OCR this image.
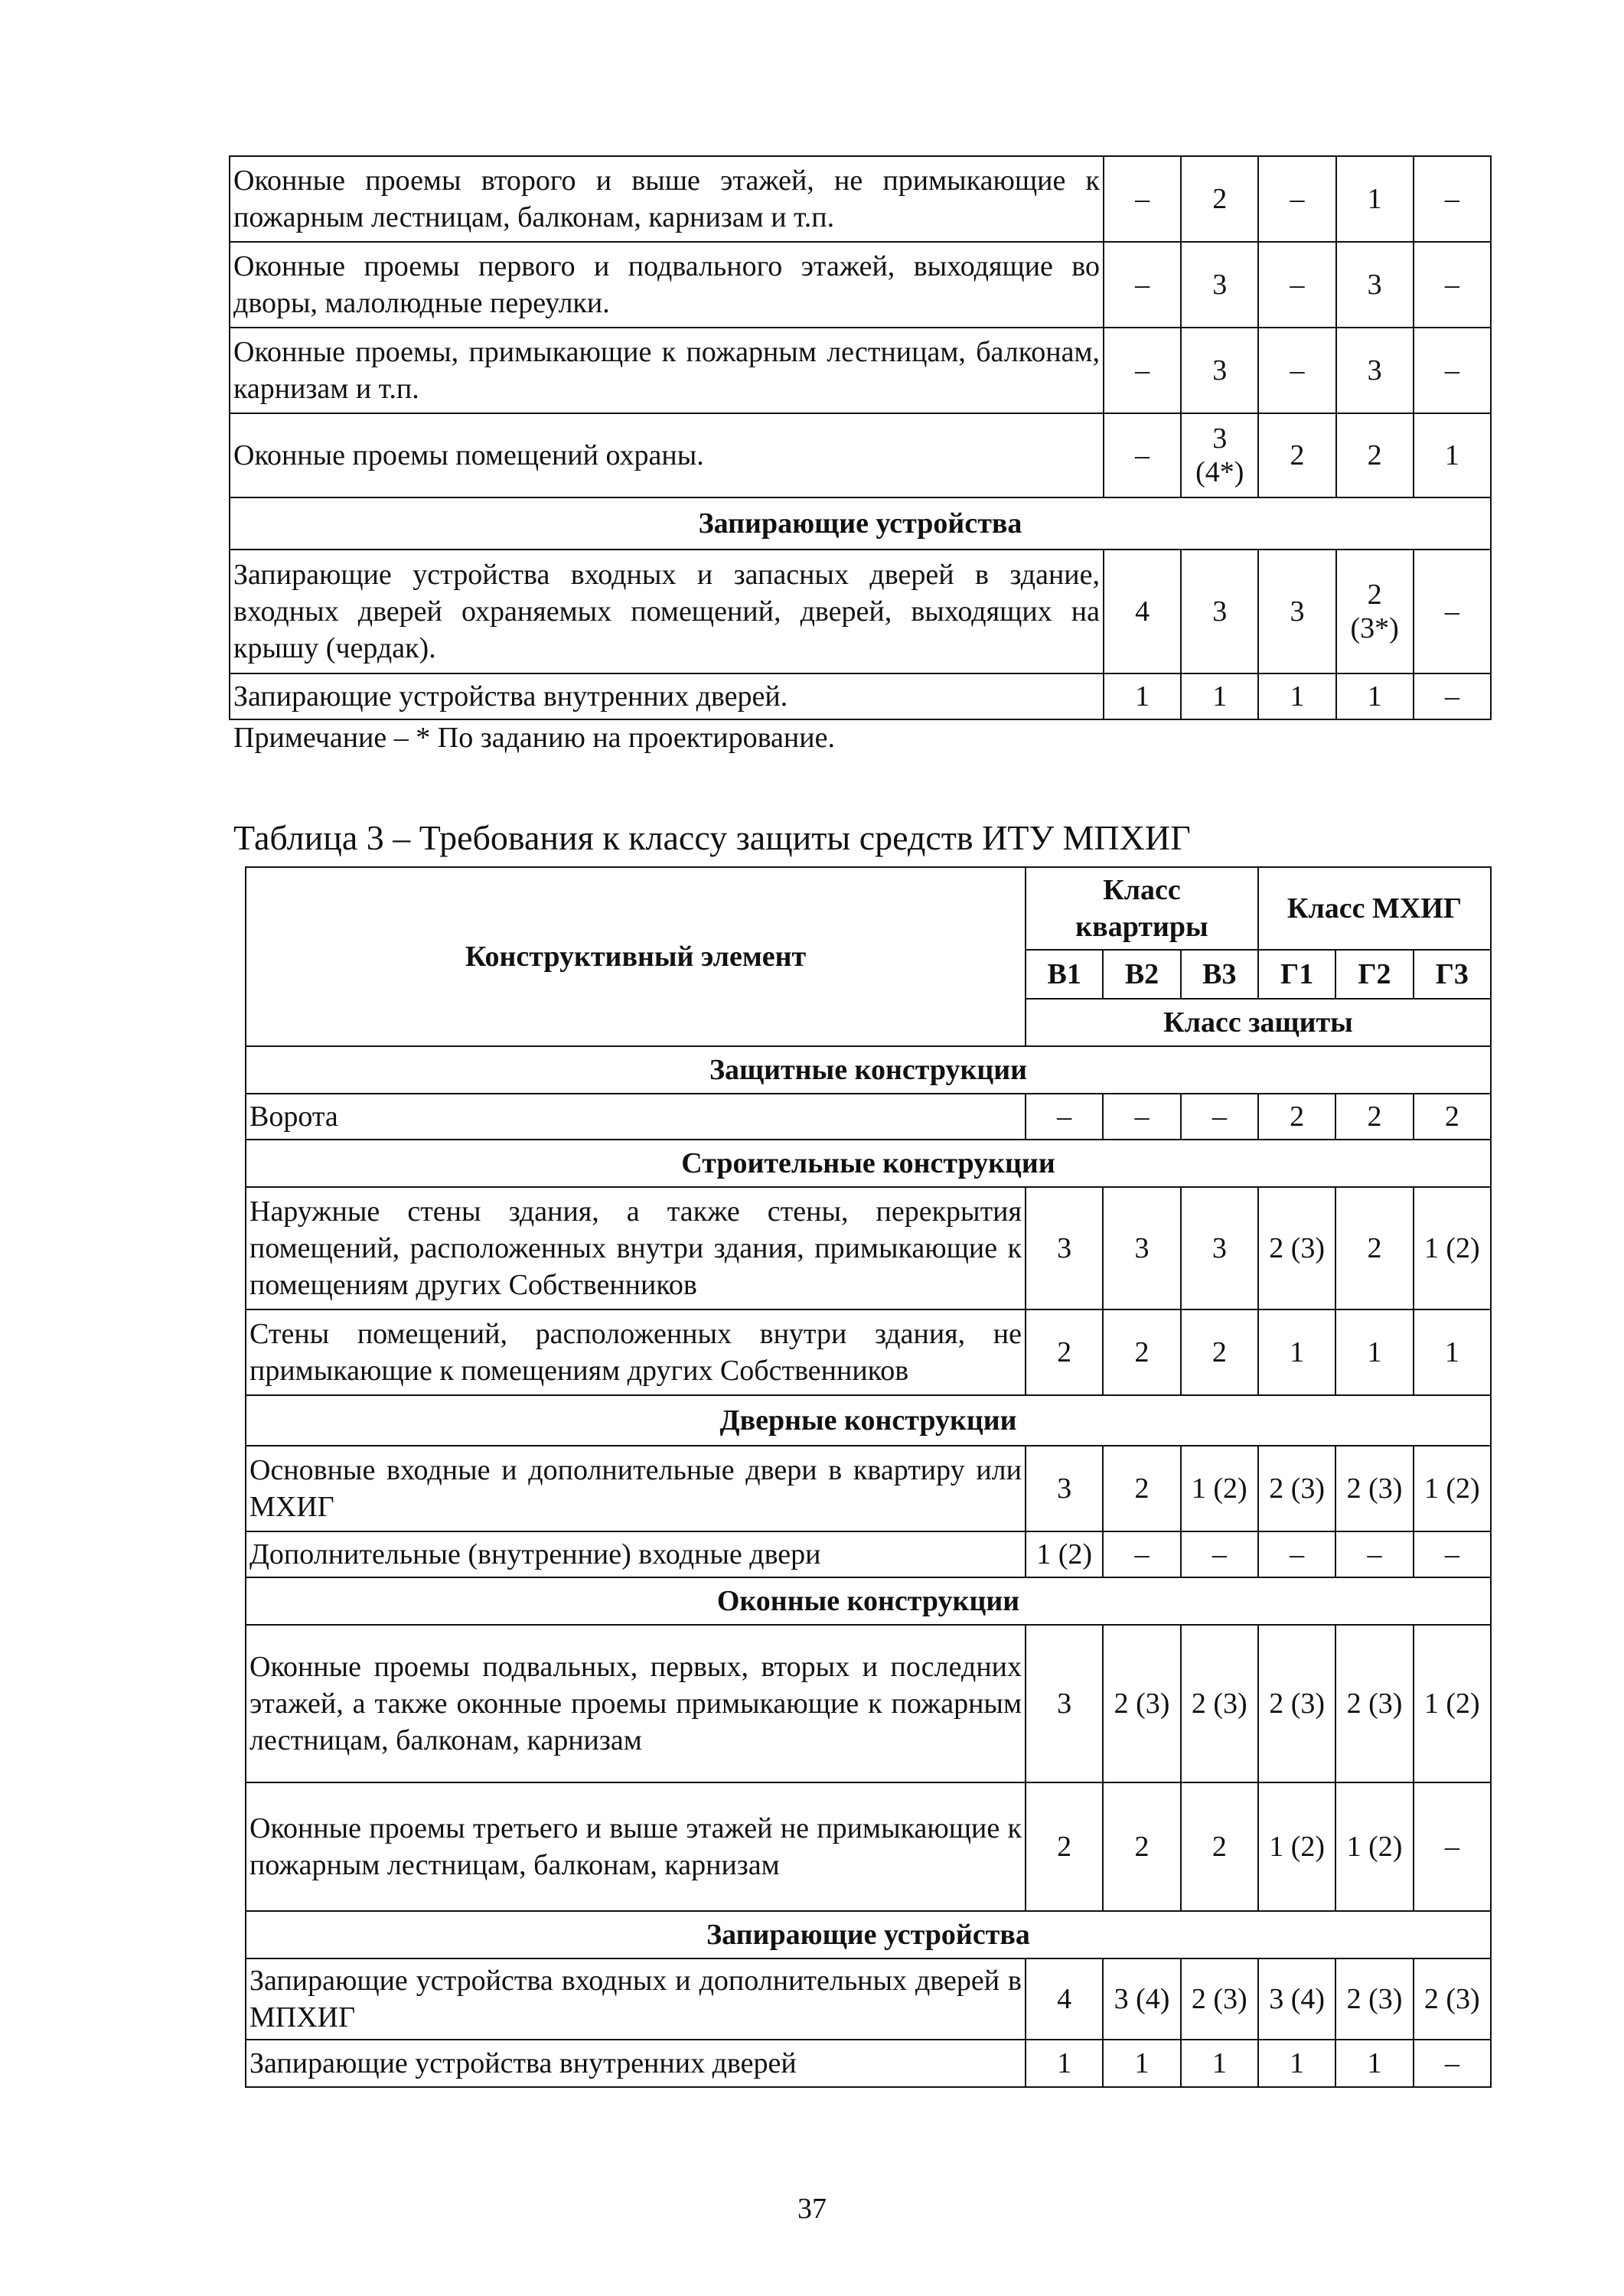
Оконные проемы второго и выше этажей, не примыкающие к пожарным лестницам, балконам, карнизам и т.п.	–	2	–	1	–
Оконные проемы первого и подвального этажей, выходящие во дворы, малолюдные переулки.	–	3	–	3	–
Оконные проемы, примыкающие к пожарным лестницам, балконам, карнизам и т.п.	–	3	–	3	–
Оконные проемы помещений охраны.	–	3 (4*)	2	2	1
Запирающие устройства					
Запирающие устройства входных и запасных дверей в здание, входных дверей охраняемых помещений, дверей, выходящих на крышу (чердак).	4	3	3	2 (3*)	–
Запирающие устройства внутренних дверей.	1	1	1	1	–
Примечание – * По заданию на проектирование.
Таблица 3 – Требования к классу защиты средств ИТУ МПХИГ
Конструктивный элемент	Класс квартиры			Класс МХИГ		
	В1	В2	В3	Г1	Г2	Г3
	Класс защиты					
Защитные конструкции						
Ворота	–	–	–	2	2	2
Строительные конструкции						
Наружные стены здания, а также стены, перекрытия помещений, расположенных внутри здания, примыкающие к помещениям других Собственников	3	3	3	2 (3)	2	1 (2)
Стены помещений, расположенных внутри здания, не примыкающие к помещениям других Собственников	2	2	2	1	1	1
Дверные конструкции						
Основные входные и дополнительные двери в квартиру или МХИГ	3	2	1 (2)	2 (3)	2 (3)	1 (2)
Дополнительные (внутренние) входные двери	1 (2)	–	–	–	–	–
Оконные конструкции						
Оконные проемы подвальных, первых, вторых и последних этажей, а также оконные проемы примыкающие к пожарным лестницам, балконам, карнизам	3	2 (3)	2 (3)	2 (3)	2 (3)	1 (2)
Оконные проемы третьего и выше этажей не примыкающие к пожарным лестницам, балконам, карнизам	2	2	2	1 (2)	1 (2)	–
Запирающие устройства						
Запирающие устройства входных и дополнительных дверей в МПХИГ	4	3 (4)	2 (3)	3 (4)	2 (3)	2 (3)
Запирающие устройства внутренних дверей	1	1	1	1	1	–
37
